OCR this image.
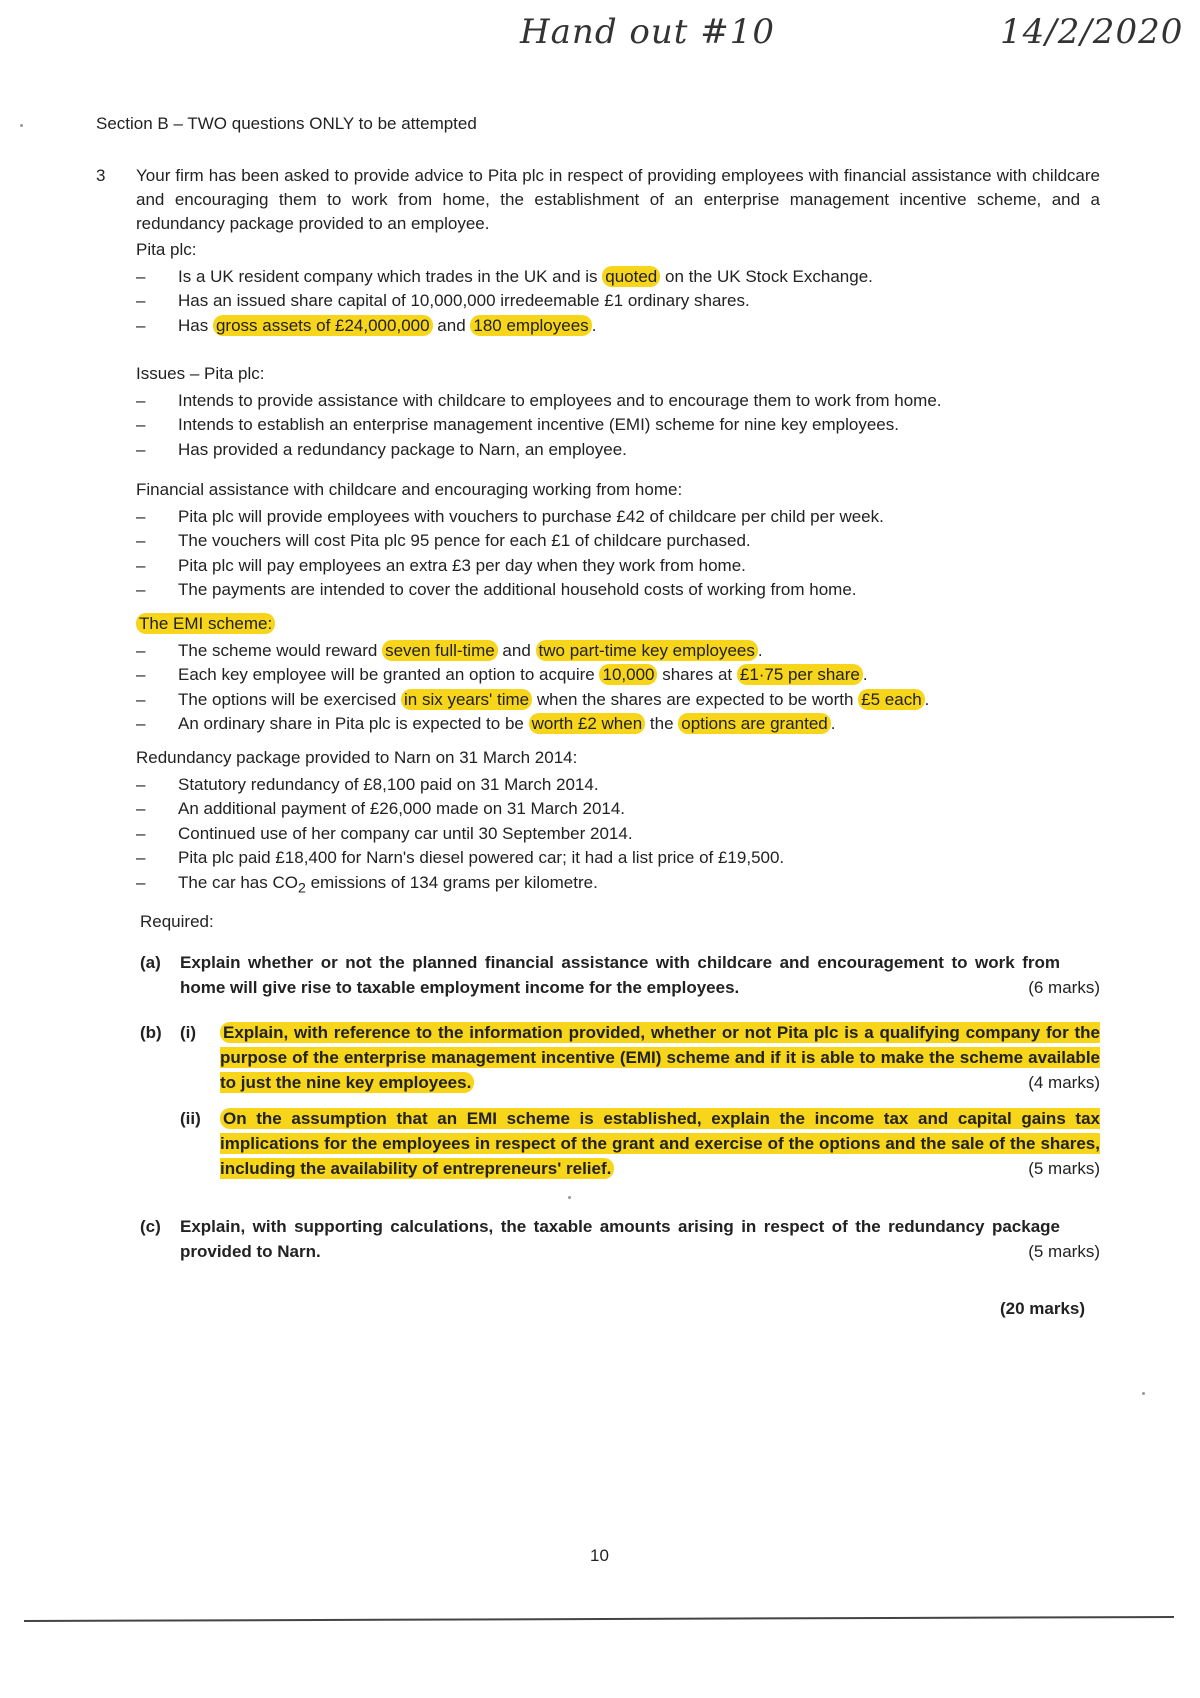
Hand out #10	14/2/2020
Section B – TWO questions ONLY to be attempted
3 Your firm has been asked to provide advice to Pita plc in respect of providing employees with financial assistance with childcare and encouraging them to work from home, the establishment of an enterprise management incentive scheme, and a redundancy package provided to an employee.
Pita plc:
– Is a UK resident company which trades in the UK and is quoted on the UK Stock Exchange.
– Has an issued share capital of 10,000,000 irredeemable £1 ordinary shares.
– Has gross assets of £24,000,000 and 180 employees .
Issues – Pita plc:
– Intends to provide assistance with childcare to employees and to encourage them to work from home.
– Intends to establish an enterprise management incentive (EMI) scheme for nine key employees.
– Has provided a redundancy package to Narn, an employee.
Financial assistance with childcare and encouraging working from home:
– Pita plc will provide employees with vouchers to purchase £42 of childcare per child per week.
– The vouchers will cost Pita plc 95 pence for each £1 of childcare purchased.
– Pita plc will pay employees an extra £3 per day when they work from home.
– The payments are intended to cover the additional household costs of working from home.
The EMI scheme:
– The scheme would reward seven full-time and two part-time key employees .
– Each key employee will be granted an option to acquire 10,000 shares at £1·75 per share .
– The options will be exercised in six years' time when the shares are expected to be worth £5 each .
– An ordinary share in Pita plc is expected to be worth £2 when the options are granted .
Redundancy package provided to Narn on 31 March 2014:
– Statutory redundancy of £8,100 paid on 31 March 2014.
– An additional payment of £26,000 made on 31 March 2014.
– Continued use of her company car until 30 September 2014.
– Pita plc paid £18,400 for Narn's diesel powered car; it had a list price of £19,500.
– The car has $CO_2$ emissions of 134 grams per kilometre.
Required:
(a)	Explain whether or not the planned financial assistance with childcare and encouragement to work from home will give rise to taxable employment income for the employees.	(6 marks)
(b) (i)	Explain, with reference to the information provided, whether or not Pita plc is a qualifying company for the purpose of the enterprise management incentive (EMI) scheme and if it is able to make the scheme available to just the nine key employees.	(4 marks)
(ii)	On the assumption that an EMI scheme is established, explain the income tax and capital gains tax implications for the employees in respect of the grant and exercise of the options and the sale of the shares, including the availability of entrepreneurs' relief.	(5 marks)
(c)	Explain, with supporting calculations, the taxable amounts arising in respect of the redundancy package provided to Narn.	(5 marks)
(20 marks)
10
